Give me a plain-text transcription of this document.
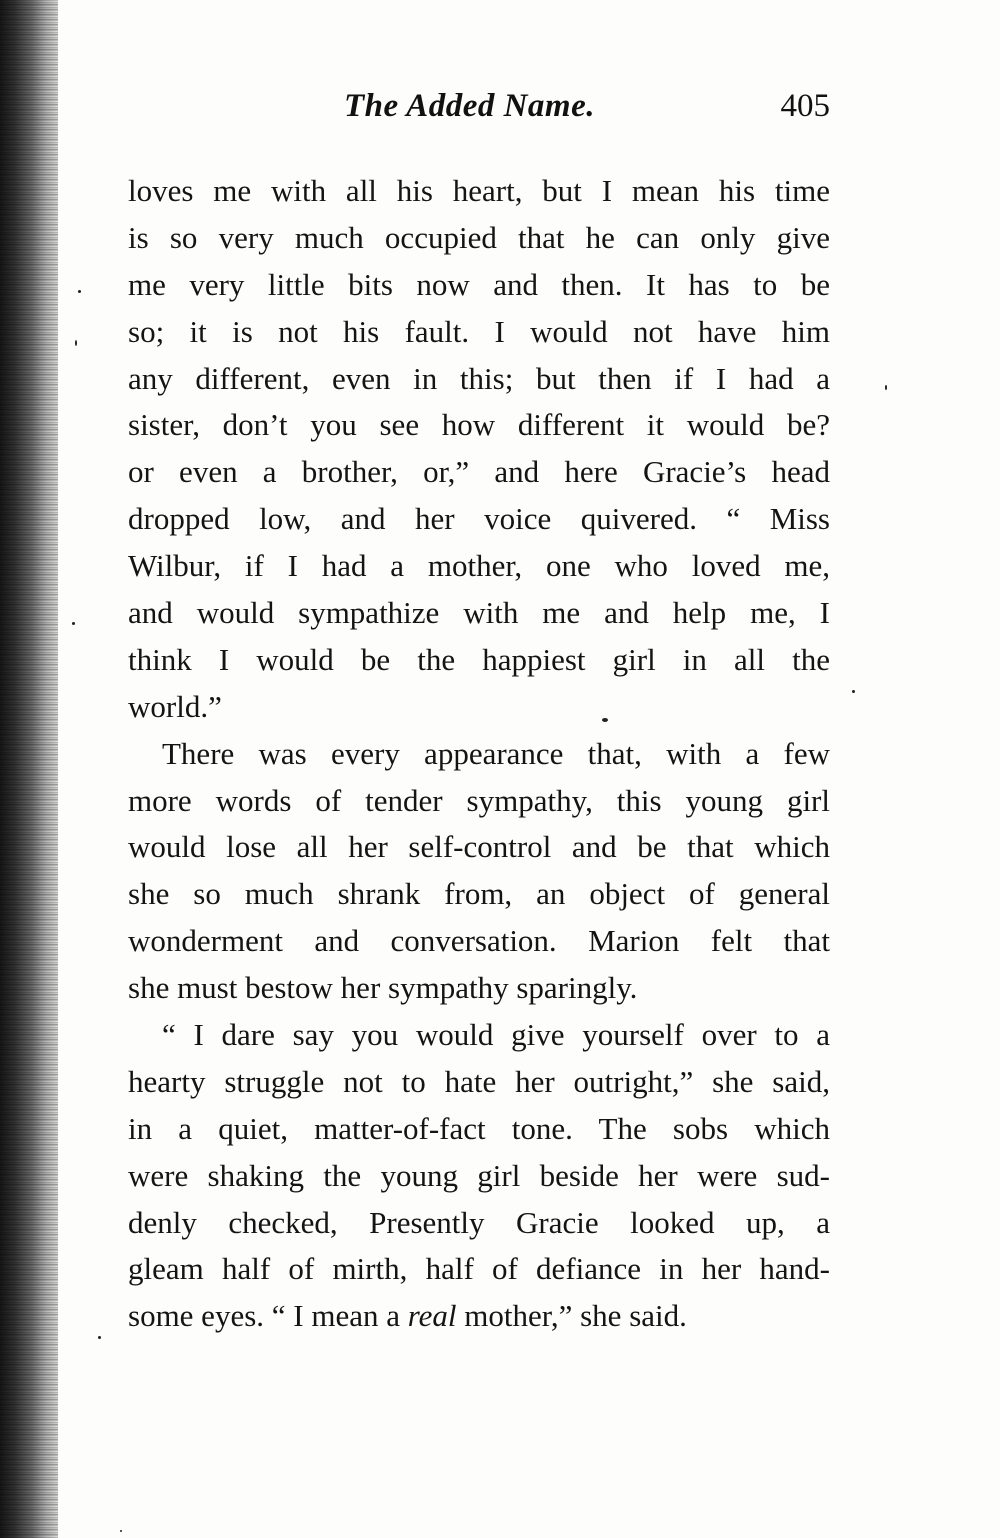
The Added Name.	405
loves me with all his heart, but I mean his time
is so very much occupied that he can only give
me very little bits now and then. It has to be
so; it is not his fault. I would not have him
any different, even in this; but then if I had a
sister, don’t you see how different it would be?
or even a brother, or,” and here Gracie’s head
dropped low, and her voice quivered. “ Miss
Wilbur, if I had a mother, one who loved me,
and would sympathize with me and help me, I
think I would be the happiest girl in all the
world.”
There was every appearance that, with a few
more words of tender sympathy, this young girl
would lose all her self-control and be that which
she so much shrank from, an object of general
wonderment and conversation. Marion felt that
she must bestow her sympathy sparingly.
“ I dare say you would give yourself over to a
hearty struggle not to hate her outright,” she said,
in a quiet, matter-of-fact tone. The sobs which
were shaking the young girl beside her were sud-
denly checked, Presently Gracie looked up, a
gleam half of mirth, half of defiance in her hand-
some eyes. “ I mean a real mother,” she said.
